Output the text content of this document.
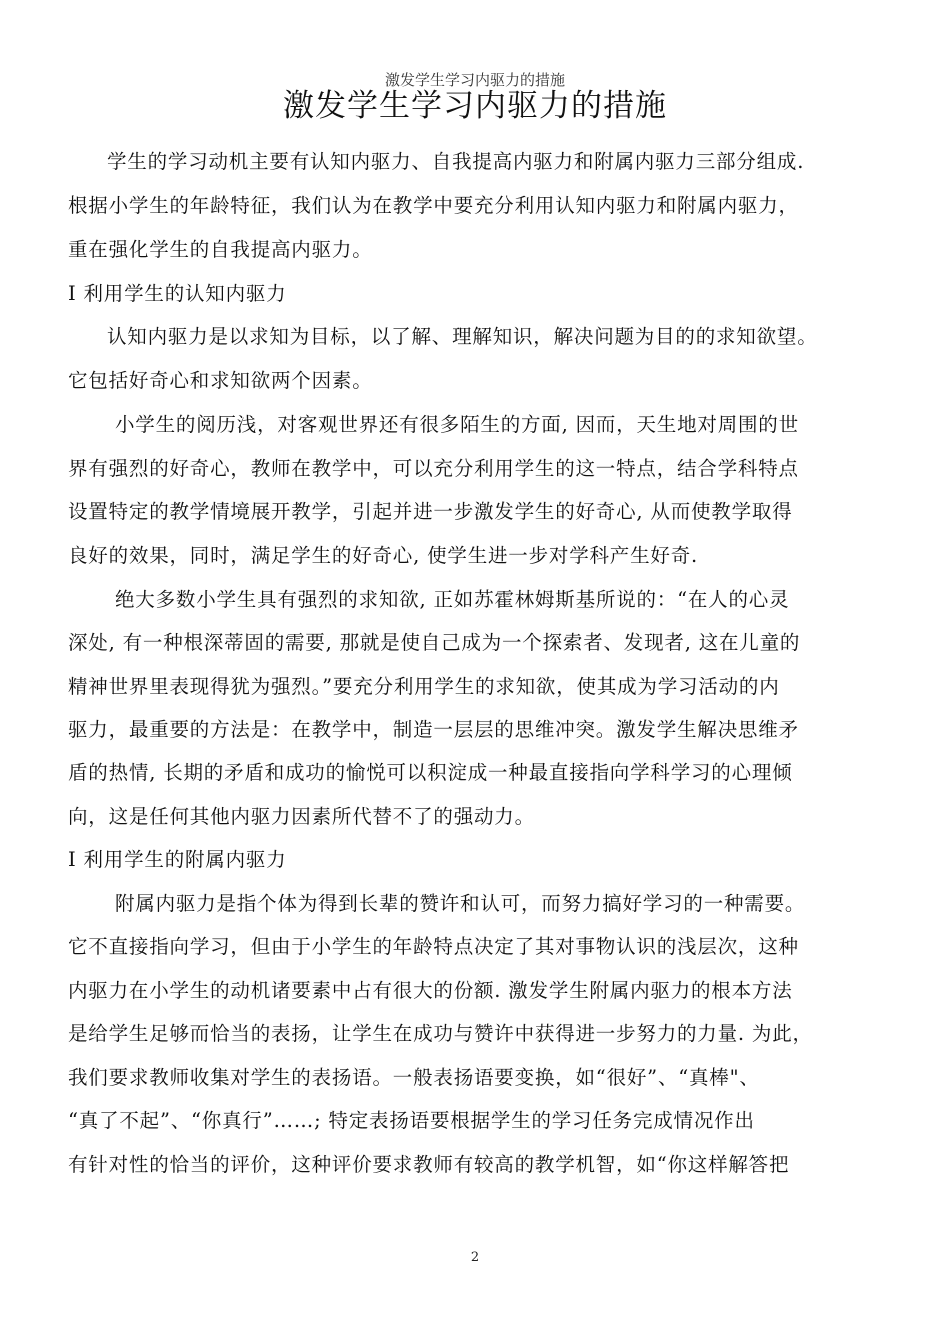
激发学生学习内驱力的措施
激发学生学习内驱力的措施
学生的学习动机主要有认知内驱力、自我提高内驱力和附属内驱力三部分组成.
根据小学生的年龄特征，我们认为在教学中要充分利用认知内驱力和附属内驱力，
重在强化学生的自我提高内驱力。
Ⅰ 利用学生的认知内驱力
认知内驱力是以求知为目标，以了解、理解知识，解决问题为目的的求知欲望。
它包括好奇心和求知欲两个因素。
小学生的阅历浅，对客观世界还有很多陌生的方面, 因而，天生地对周围的世
界有强烈的好奇心，教师在教学中，可以充分利用学生的这一特点，结合学科特点
设置特定的教学情境展开教学，引起并进一步激发学生的好奇心, 从而使教学取得
良好的效果，同时，满足学生的好奇心, 使学生进一步对学科产生好奇.
绝大多数小学生具有强烈的求知欲, 正如苏霍林姆斯基所说的：“在人的心灵
深处, 有一种根深蒂固的需要, 那就是使自己成为一个探索者、发现者, 这在儿童的
精神世界里表现得犹为强烈。”要充分利用学生的求知欲，使其成为学习活动的内
驱力，最重要的方法是：在教学中，制造一层层的思维冲突。激发学生解决思维矛
盾的热情, 长期的矛盾和成功的愉悦可以积淀成一种最直接指向学科学习的心理倾
向，这是任何其他内驱力因素所代替不了的强动力。
Ⅰ 利用学生的附属内驱力
附属内驱力是指个体为得到长辈的赞许和认可，而努力搞好学习的一种需要。
它不直接指向学习，但由于小学生的年龄特点决定了其对事物认识的浅层次，这种
内驱力在小学生的动机诸要素中占有很大的份额. 激发学生附属内驱力的根本方法
是给学生足够而恰当的表扬，让学生在成功与赞许中获得进一步努力的力量. 为此，
我们要求教师收集对学生的表扬语。一般表扬语要变换，如“很好”、“真棒"、
“真了不起”、“你真行”……; 特定表扬语要根据学生的学习任务完成情况作出
有针对性的恰当的评价，这种评价要求教师有较高的教学机智，如“你这样解答把
2
